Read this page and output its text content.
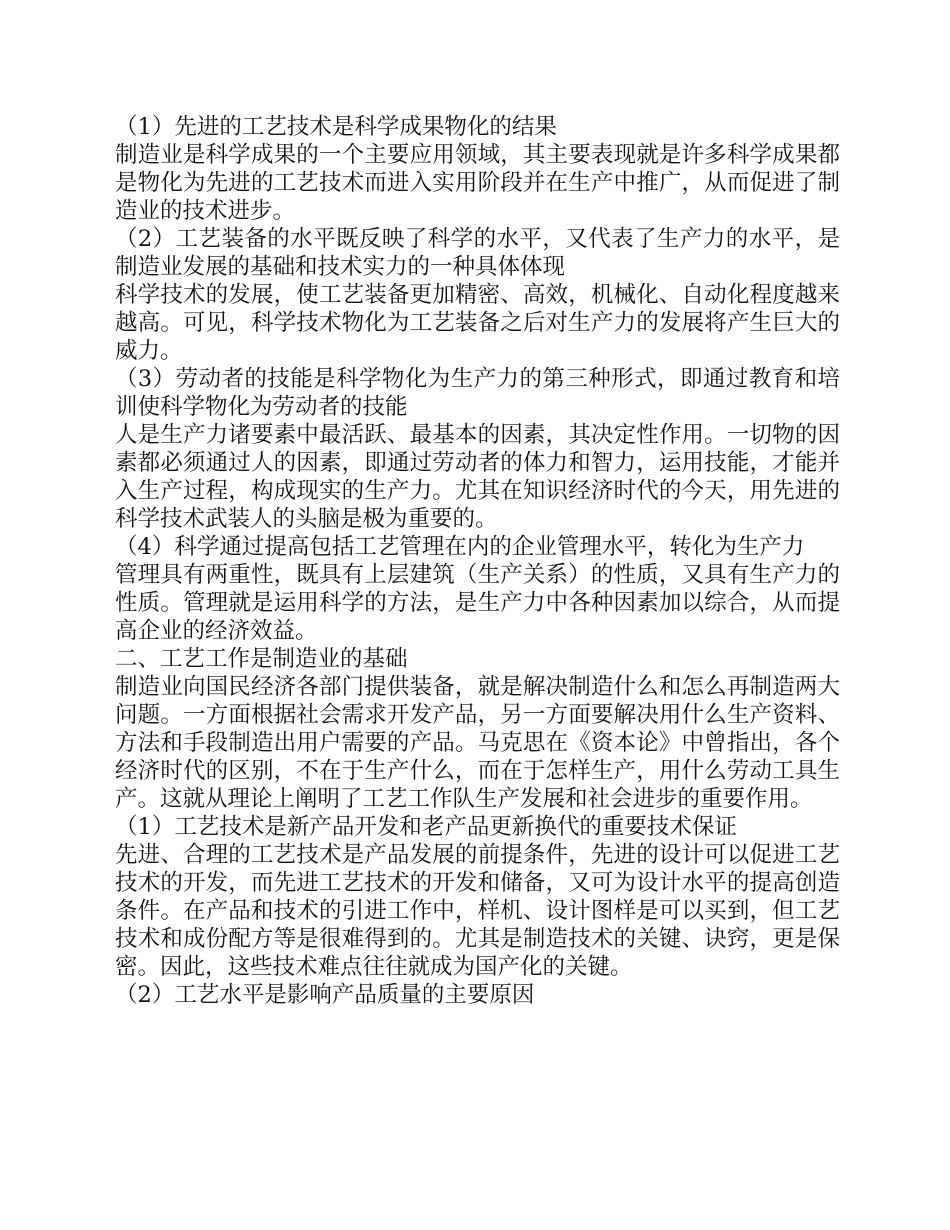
（1）先进的工艺技术是科学成果物化的结果

制造业是科学成果的一个主要应用领域，其主要表现就是许多科学成果都是物化为先进的工艺技术而进入实用阶段并在生产中推广，从而促进了制造业的技术进步。

（2）工艺装备的水平既反映了科学的水平，又代表了生产力的水平，是制造业发展的基础和技术实力的一种具体体现

科学技术的发展，使工艺装备更加精密、高效，机械化、自动化程度越来越高。可见，科学技术物化为工艺装备之后对生产力的发展将产生巨大的威力。

（3）劳动者的技能是科学物化为生产力的第三种形式，即通过教育和培训使科学物化为劳动者的技能

人是生产力诸要素中最活跃、最基本的因素，其决定性作用。一切物的因素都必须通过人的因素，即通过劳动者的体力和智力，运用技能，才能并入生产过程，构成现实的生产力。尤其在知识经济时代的今天，用先进的科学技术武装人的头脑是极为重要的。

（4）科学通过提高包括工艺管理在内的企业管理水平，转化为生产力

管理具有两重性，既具有上层建筑（生产关系）的性质，又具有生产力的性质。管理就是运用科学的方法，是生产力中各种因素加以综合，从而提高企业的经济效益。

二、工艺工作是制造业的基础

制造业向国民经济各部门提供装备，就是解决制造什么和怎么再制造两大问题。一方面根据社会需求开发产品，另一方面要解决用什么生产资料、方法和手段制造出用户需要的产品。马克思在《资本论》中曾指出，各个经济时代的区别，不在于生产什么，而在于怎样生产，用什么劳动工具生产。这就从理论上阐明了工艺工作队生产发展和社会进步的重要作用。

（1）工艺技术是新产品开发和老产品更新换代的重要技术保证

先进、合理的工艺技术是产品发展的前提条件，先进的设计可以促进工艺技术的开发，而先进工艺技术的开发和储备，又可为设计水平的提高创造条件。在产品和技术的引进工作中，样机、设计图样是可以买到，但工艺技术和成份配方等是很难得到的。尤其是制造技术的关键、诀窍，更是保密。因此，这些技术难点往往就成为国产化的关键。

（2）工艺水平是影响产品质量的主要原因
